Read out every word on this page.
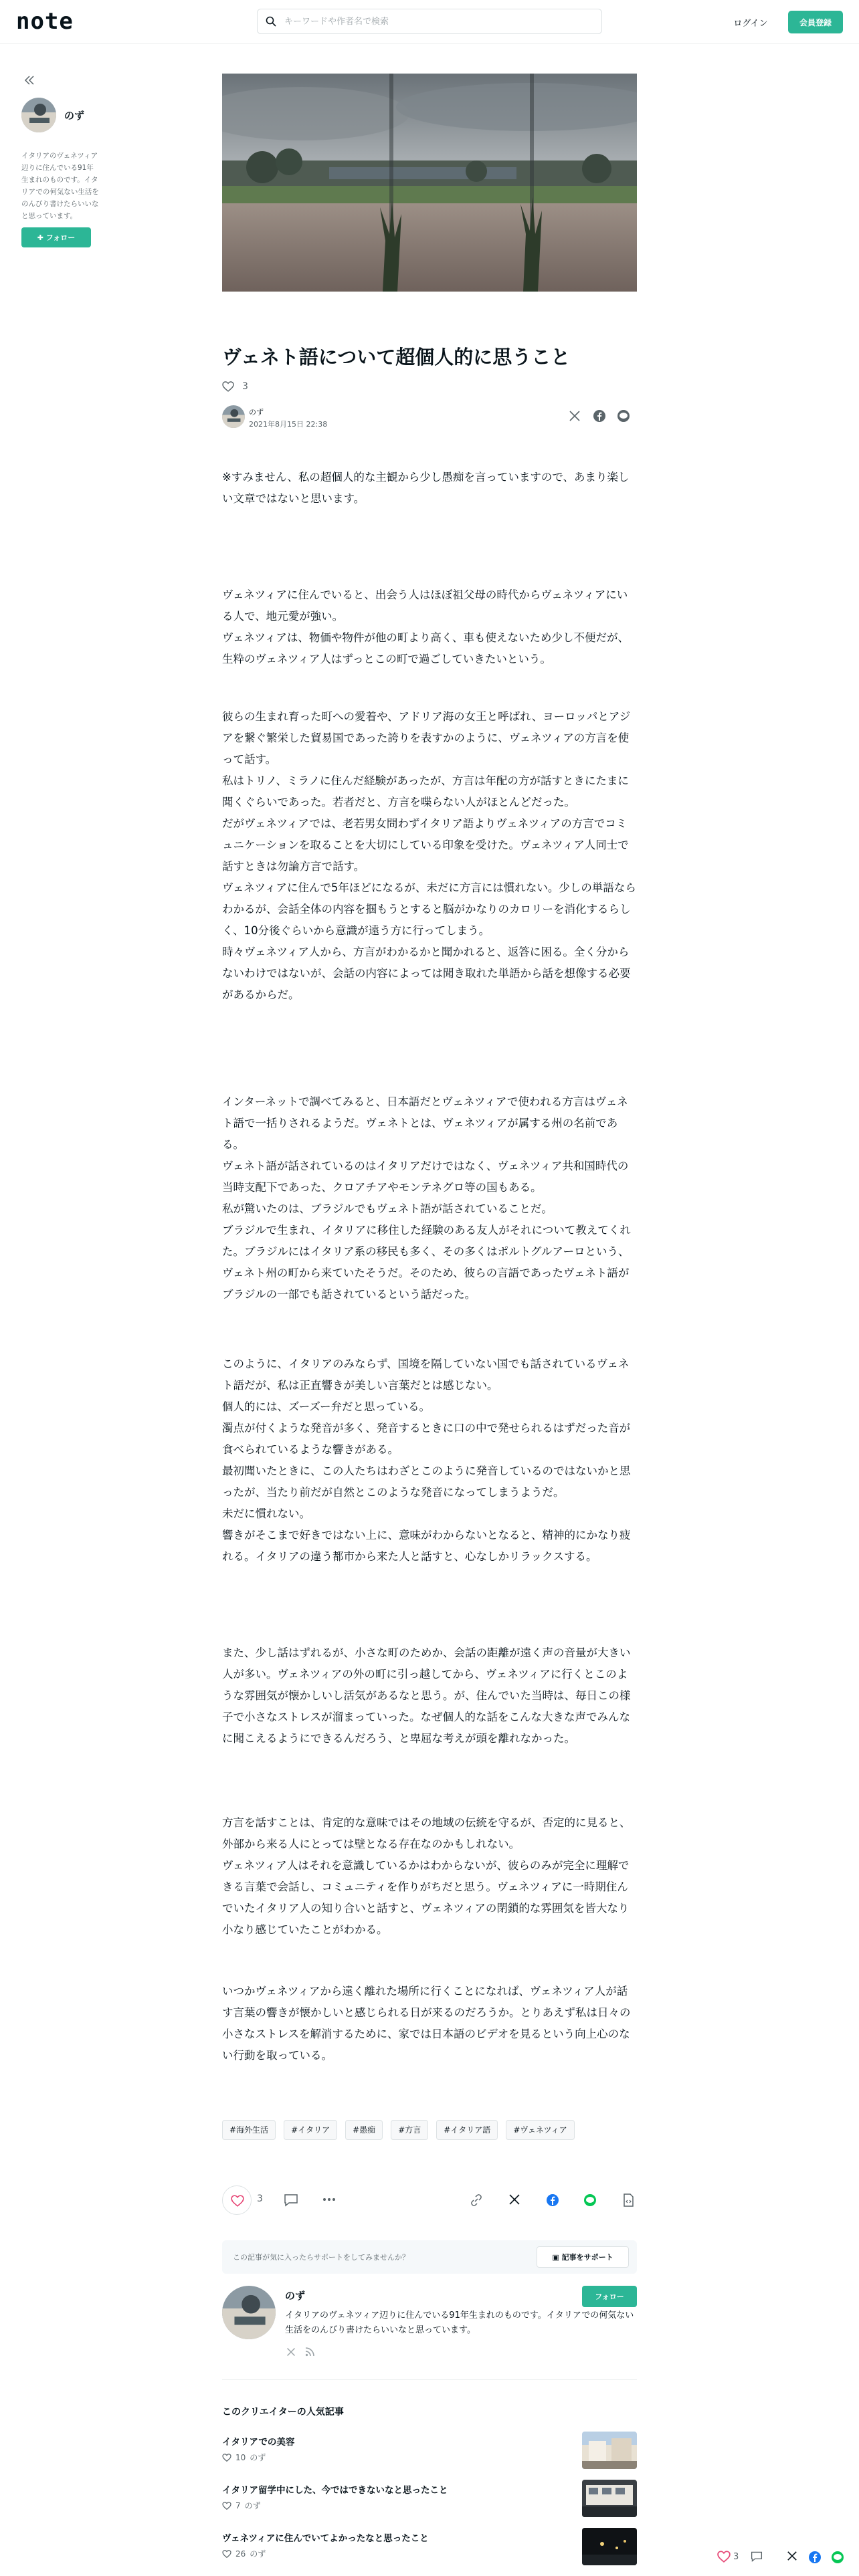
note
キーワードや作者名で検索	ログイン	会員登録
のず
イタリアのヴェネツィア辺りに住んでいる91年生まれのものです。イタリアでの何気ない生活をのんびり書けたらいいなと思っています。
✚ フォロー
ヴェネト語について超個人的に思うこと
3
のず
2021年8月15日 22:38

※すみません、私の超個人的な主観から少し愚痴を言っていますので、あまり楽しい文章ではないと思います。

ヴェネツィアに住んでいると、出会う人はほぼ祖父母の時代からヴェネツィアにいる人で、地元愛が強い。
ヴェネツィアは、物価や物件が他の町より高く、車も使えないため少し不便だが、生粋のヴェネツィア人はずっとこの町で過ごしていきたいという。

彼らの生まれ育った町への愛着や、アドリア海の女王と呼ばれ、ヨーロッパとアジアを繋ぐ繁栄した貿易国であった誇りを表すかのように、ヴェネツィアの方言を使って話す。
私はトリノ、ミラノに住んだ経験があったが、方言は年配の方が話すときにたまに聞くぐらいであった。若者だと、方言を喋らない人がほとんどだった。
だがヴェネツィアでは、老若男女問わずイタリア語よりヴェネツィアの方言でコミュニケーションを取ることを大切にしている印象を受けた。ヴェネツィア人同士で話すときは勿論方言で話す。
ヴェネツィアに住んで5年ほどになるが、未だに方言には慣れない。少しの単語ならわかるが、会話全体の内容を掴もうとすると脳がかなりのカロリーを消化するらしく、10分後ぐらいから意識が遠う方に行ってしまう。
時々ヴェネツィア人から、方言がわかるかと聞かれると、返答に困る。全く分からないわけではないが、会話の内容によっては聞き取れた単語から話を想像する必要があるからだ。

インターネットで調べてみると、日本語だとヴェネツィアで使われる方言はヴェネト語で一括りされるようだ。ヴェネトとは、ヴェネツィアが属する州の名前である。
ヴェネト語が話されているのはイタリアだけではなく、ヴェネツィア共和国時代の当時支配下であった、クロアチアやモンテネグロ等の国もある。
私が驚いたのは、ブラジルでもヴェネト語が話されていることだ。
ブラジルで生まれ、イタリアに移住した経験のある友人がそれについて教えてくれた。ブラジルにはイタリア系の移民も多く、その多くはポルトグルアーロという、ヴェネト州の町から来ていたそうだ。そのため、彼らの言語であったヴェネト語がブラジルの一部でも話されているという話だった。

このように、イタリアのみならず、国境を隔していない国でも話されているヴェネト語だが、私は正直響きが美しい言葉だとは感じない。
個人的には、ズーズー弁だと思っている。
濁点が付くような発音が多く、発音するときに口の中で発せられるはずだった音が食べられているような響きがある。
最初聞いたときに、この人たちはわざとこのように発音しているのではないかと思ったが、当たり前だが自然とこのような発音になってしまうようだ。
未だに慣れない。
響きがそこまで好きではない上に、意味がわからないとなると、精神的にかなり疲れる。イタリアの違う都市から来た人と話すと、心なしかリラックスする。

また、少し話はずれるが、小さな町のためか、会話の距離が遠く声の音量が大きい人が多い。ヴェネツィアの外の町に引っ越してから、ヴェネツィアに行くとこのような雰囲気が懐かしいし活気があるなと思う。が、住んでいた当時は、毎日この様子で小さなストレスが溜まっていった。なぜ個人的な話をこんな大きな声でみんなに聞こえるようにできるんだろう、と卑屈な考えが頭を離れなかった。

方言を話すことは、肯定的な意味ではその地域の伝統を守るが、否定的に見ると、外部から来る人にとっては壁となる存在なのかもしれない。
ヴェネツィア人はそれを意識しているかはわからないが、彼らのみが完全に理解できる言葉で会話し、コミュニティを作りがちだと思う。ヴェネツィアに一時期住んでいたイタリア人の知り合いと話すと、ヴェネツィアの閉鎖的な雰囲気を皆大なり小なり感じていたことがわかる。

いつかヴェネツィアから遠く離れた場所に行くことになれば、ヴェネツィア人が話す言葉の響きが懐かしいと感じられる日が来るのだろうか。とりあえず私は日々の小さなストレスを解消するために、家では日本語のビデオを見るという向上心のない行動を取っている。

#海外生活	#イタリア	#愚痴	#方言	#イタリア語	#ヴェネツィア
3
この記事が気に入ったらサポートをしてみませんか？	▣ 記事をサポート
のず
イタリアのヴェネツィア辺りに住んでいる91年生まれのものです。イタリアでの何気ない生活をのんびり書けたらいいなと思っています。
フォロー
このクリエイターの人気記事
イタリアでの美容
10 のず
イタリア留学中にした、今ではできないなと思ったこと
7 のず
ヴェネツィアに住んでいてよかったなと思ったこと
26 のず	3
